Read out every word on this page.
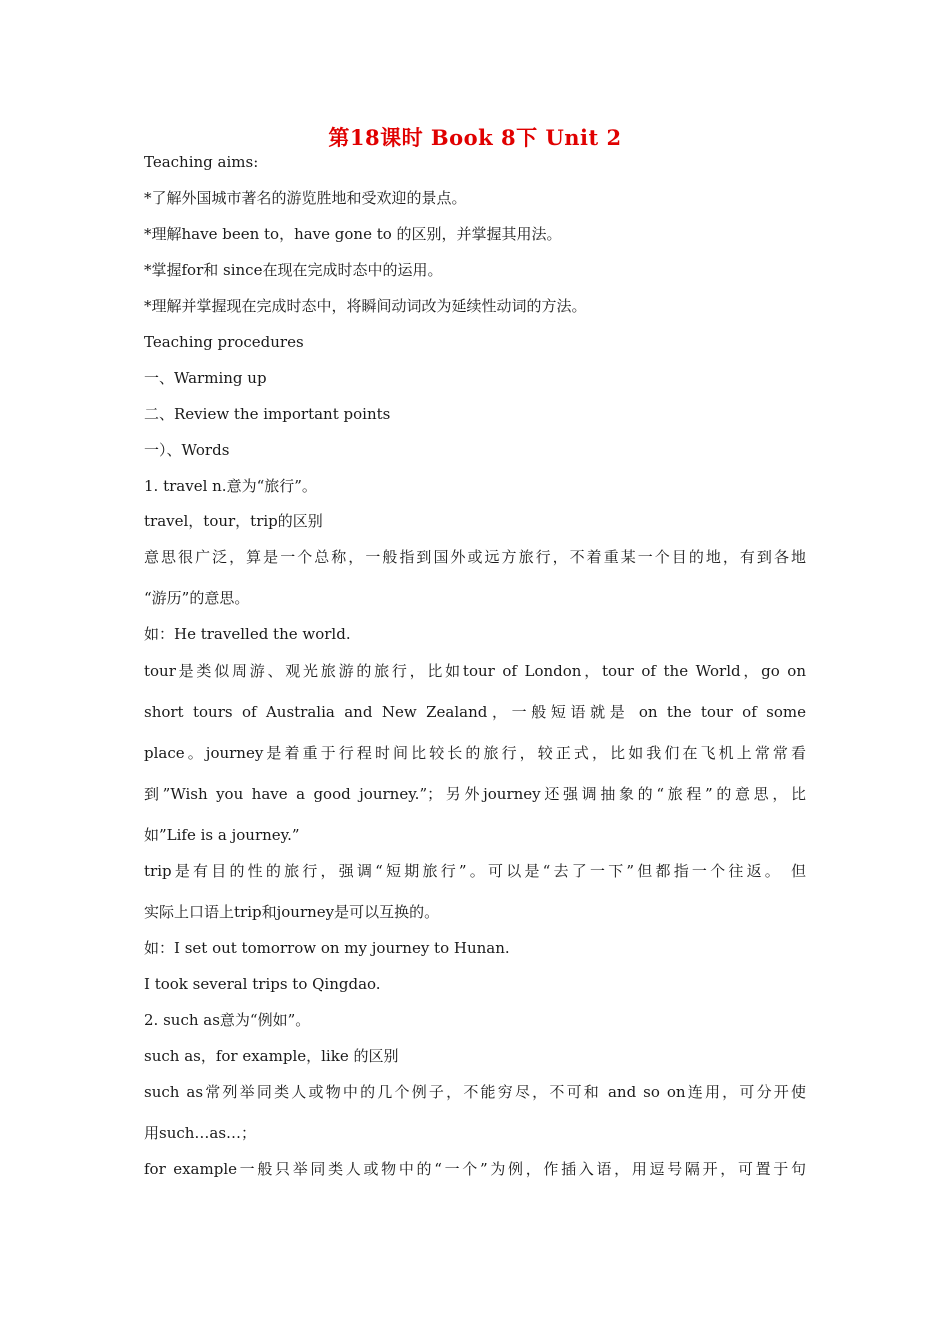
第18课时 Book 8下 Unit 2
Teaching aims:
*了解外国城市著名的游览胜地和受欢迎的景点。
*理解have been to，have gone to 的区别，并掌握其用法。
*掌握for和 since在现在完成时态中的运用。
*理解并掌握现在完成时态中，将瞬间动词改为延续性动词的方法。
Teaching procedures
一、Warming up
二、Review the important points
一）、Words
1. travel n.意为“旅行”。
travel，tour，trip的区别
意思很广泛，算是一个总称，一般指到国外或远方旅行，不着重某一个目的地，有到各地
“游历”的意思。
如：He travelled the world.
tour是类似周游、观光旅游的旅行，比如tour of London，tour of the World，go on
short tours of Australia and New Zealand，一般短语就是 on the tour of some
place。journey是着重于行程时间比较长的旅行，较正式，比如我们在飞机上常常看
到”Wish you have a good journey.”；另外journey还强调抽象的“旅程”的意思，比
如”Life is a journey.”
trip是有目的性的旅行，强调“短期旅行”。可以是“去了一下”但都指一个往返。 但
实际上口语上trip和journey是可以互换的。
如：I set out tomorrow on my journey to Hunan.
I took several trips to Qingdao.
2. such as意为“例如”。
such as，for example，like 的区别
such as常列举同类人或物中的几个例子，不能穷尽，不可和 and so on连用，可分开使
用such…as…；
for example一般只举同类人或物中的“一个”为例，作插入语，用逗号隔开，可置于句
